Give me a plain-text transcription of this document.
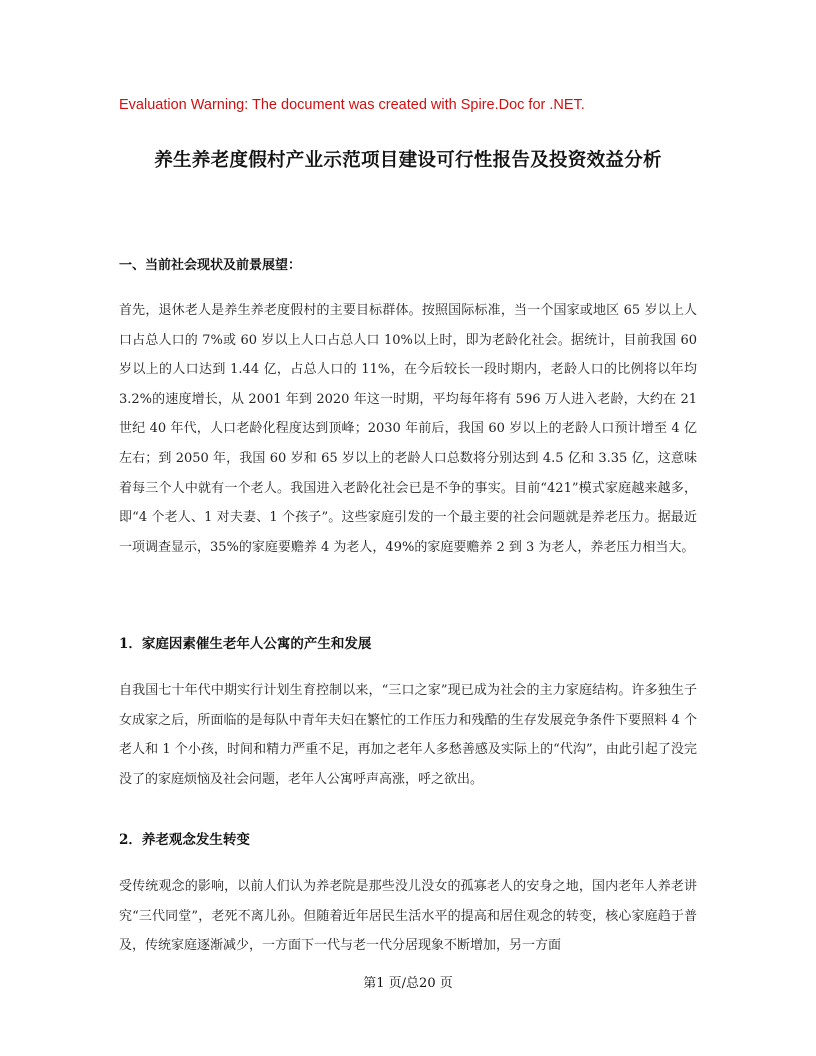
Evaluation Warning: The document was created with Spire.Doc for .NET.
养生养老度假村产业示范项目建设可行性报告及投资效益分析
一、当前社会现状及前景展望：

首先，退休老人是养生养老度假村的主要目标群体。按照国际标准，当一个国家或地区 65 岁以上人口占总人口的 7%或 60 岁以上人口占总人口 10%以上时，即为老龄化社会。据统计，目前我国 60 岁以上的人口达到 1.44 亿，占总人口的 11%，在今后较长一段时期内，老龄人口的比例将以年均 3.2%的速度增长，从 2001 年到 2020 年这一时期，平均每年将有 596 万人进入老龄，大约在 21 世纪 40 年代，人口老龄化程度达到顶峰；2030 年前后，我国 60 岁以上的老龄人口预计增至 4 亿左右；到 2050 年，我国 60 岁和 65 岁以上的老龄人口总数将分别达到 4.5 亿和 3.35 亿，这意味着每三个人中就有一个老人。我国进入老龄化社会已是不争的事实。目前“421”模式家庭越来越多，即“4 个老人、1 对夫妻、1 个孩子”。这些家庭引发的一个最主要的社会问题就是养老压力。据最近一项调查显示，35%的家庭要赡养 4 为老人，49%的家庭要赡养 2 到 3 为老人，养老压力相当大。

1．家庭因素催生老年人公寓的产生和发展

自我国七十年代中期实行计划生育控制以来，“三口之家”现已成为社会的主力家庭结构。许多独生子女成家之后，所面临的是每队中青年夫妇在繁忙的工作压力和残酷的生存发展竞争条件下要照料 4 个老人和 1 个小孩，时间和精力严重不足，再加之老年人多愁善感及实际上的“代沟”，由此引起了没完没了的家庭烦恼及社会问题，老年人公寓呼声高涨，呼之欲出。

2．养老观念发生转变

受传统观念的影响，以前人们认为养老院是那些没儿没女的孤寡老人的安身之地，国内老年人养老讲究“三代同堂”，老死不离儿孙。但随着近年居民生活水平的提高和居住观念的转变，核心家庭趋于普及，传统家庭逐渐减少，一方面下一代与老一代分居现象不断增加，另一方面

第1 页/总20 页
